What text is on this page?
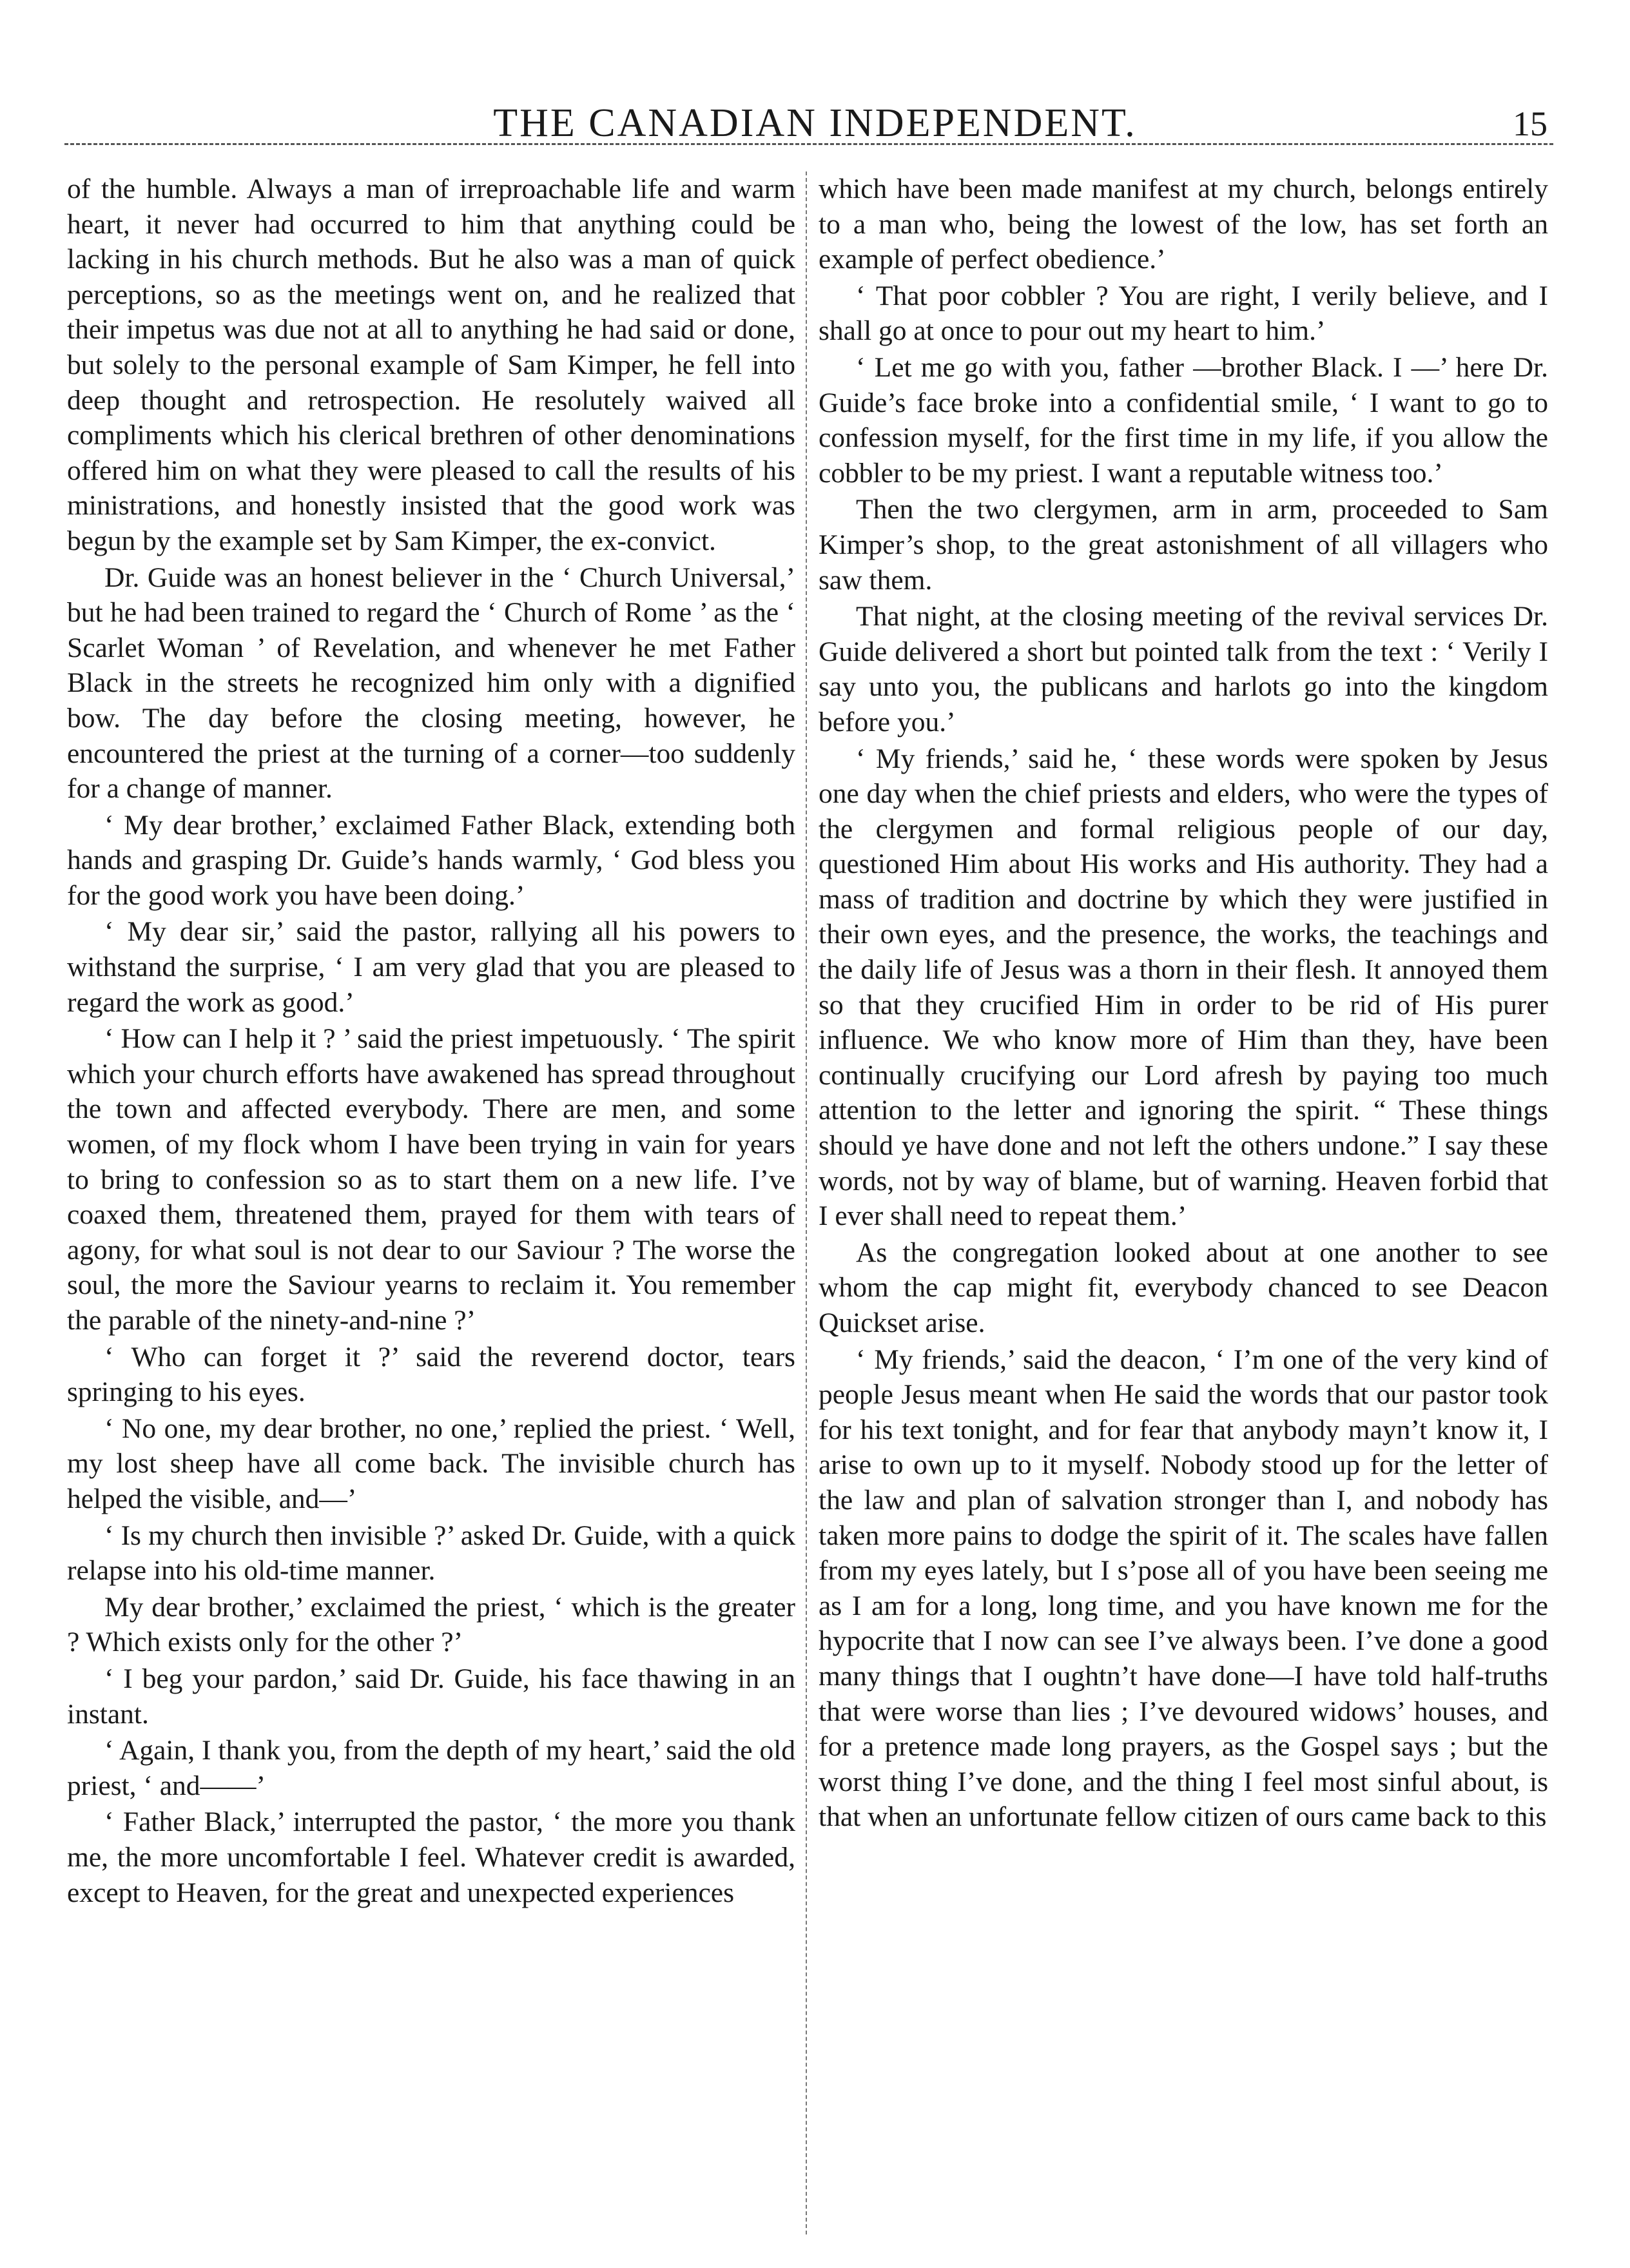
THE CANADIAN INDEPENDENT.	15

of the humble. Always a man of irreproachable life and warm heart, it never had occurred to him that anything could be lacking in his church methods. But he also was a man of quick perceptions, so as the meetings went on, and he realized that their impetus was due not at all to anything he had said or done, but solely to the personal example of Sam Kimper, he fell into deep thought and retrospection. He resolutely waived all compliments which his clerical brethren of other denominations offered him on what they were pleased to call the results of his ministrations, and honestly insisted that the good work was begun by the example set by Sam Kimper, the ex-convict.

Dr. Guide was an honest believer in the ‘ Church Universal,’ but he had been trained to regard the ‘ Church of Rome ’ as the ‘ Scarlet Woman ’ of Revelation, and whenever he met Father Black in the streets he recognized him only with a dignified bow. The day before the closing meeting, however, he encountered the priest at the turning of a corner—too suddenly for a change of manner.

‘ My dear brother,’ exclaimed Father Black, extending both hands and grasping Dr. Guide’s hands warmly, ‘ God bless you for the good work you have been doing.’

‘ My dear sir,’ said the pastor, rallying all his powers to withstand the surprise, ‘ I am very glad that you are pleased to regard the work as good.’

‘ How can I help it ? ’ said the priest impetuously. ‘ The spirit which your church efforts have awakened has spread throughout the town and affected everybody. There are men, and some women, of my flock whom I have been trying in vain for years to bring to confession so as to start them on a new life. I’ve coaxed them, threatened them, prayed for them with tears of agony, for what soul is not dear to our Saviour ? The worse the soul, the more the Saviour yearns to reclaim it. You remember the parable of the ninety-and-nine ?’

‘ Who can forget it ?’ said the reverend doctor, tears springing to his eyes.

‘ No one, my dear brother, no one,’ replied the priest. ‘ Well, my lost sheep have all come back. The invisible church has helped the visible, and—’

‘ Is my church then invisible ?’ asked Dr. Guide, with a quick relapse into his old-time manner.

My dear brother,’ exclaimed the priest, ‘ which is the greater ? Which exists only for the other ?’

‘ I beg your pardon,’ said Dr. Guide, his face thawing in an instant.

‘ Again, I thank you, from the depth of my heart,’ said the old priest, ‘ and——’

‘ Father Black,’ interrupted the pastor, ‘ the more you thank me, the more uncomfortable I feel. Whatever credit is awarded, except to Heaven, for the great and unexpected experiences

which have been made manifest at my church, belongs entirely to a man who, being the lowest of the low, has set forth an example of perfect obedience.’

‘ That poor cobbler ? You are right, I verily believe, and I shall go at once to pour out my heart to him.’

‘ Let me go with you, father —brother Black. I —’ here Dr. Guide’s face broke into a confidential smile, ‘ I want to go to confession myself, for the first time in my life, if you allow the cobbler to be my priest. I want a reputable witness too.’

Then the two clergymen, arm in arm, proceeded to Sam Kimper’s shop, to the great astonishment of all villagers who saw them.

That night, at the closing meeting of the revival services Dr. Guide delivered a short but pointed talk from the text : ‘ Verily I say unto you, the publicans and harlots go into the kingdom before you.’

‘ My friends,’ said he, ‘ these words were spoken by Jesus one day when the chief priests and elders, who were the types of the clergymen and formal religious people of our day, questioned Him about His works and His authority. They had a mass of tradition and doctrine by which they were justified in their own eyes, and the presence, the works, the teachings and the daily life of Jesus was a thorn in their flesh. It annoyed them so that they crucified Him in order to be rid of His purer influence. We who know more of Him than they, have been continually crucifying our Lord afresh by paying too much attention to the letter and ignoring the spirit. “ These things should ye have done and not left the others undone.” I say these words, not by way of blame, but of warning. Heaven forbid that I ever shall need to repeat them.’

As the congregation looked about at one another to see whom the cap might fit, everybody chanced to see Deacon Quickset arise.

‘ My friends,’ said the deacon, ‘ I’m one of the very kind of people Jesus meant when He said the words that our pastor took for his text tonight, and for fear that anybody mayn’t know it, I arise to own up to it myself. Nobody stood up for the letter of the law and plan of salvation stronger than I, and nobody has taken more pains to dodge the spirit of it. The scales have fallen from my eyes lately, but I s’pose all of you have been seeing me as I am for a long, long time, and you have known me for the hypocrite that I now can see I’ve always been. I’ve done a good many things that I oughtn’t have done—I have told half-truths that were worse than lies ; I’ve devoured widows’ houses, and for a pretence made long prayers, as the Gospel says ; but the worst thing I’ve done, and the thing I feel most sinful about, is that when an unfortunate fellow citizen of ours came back to this
